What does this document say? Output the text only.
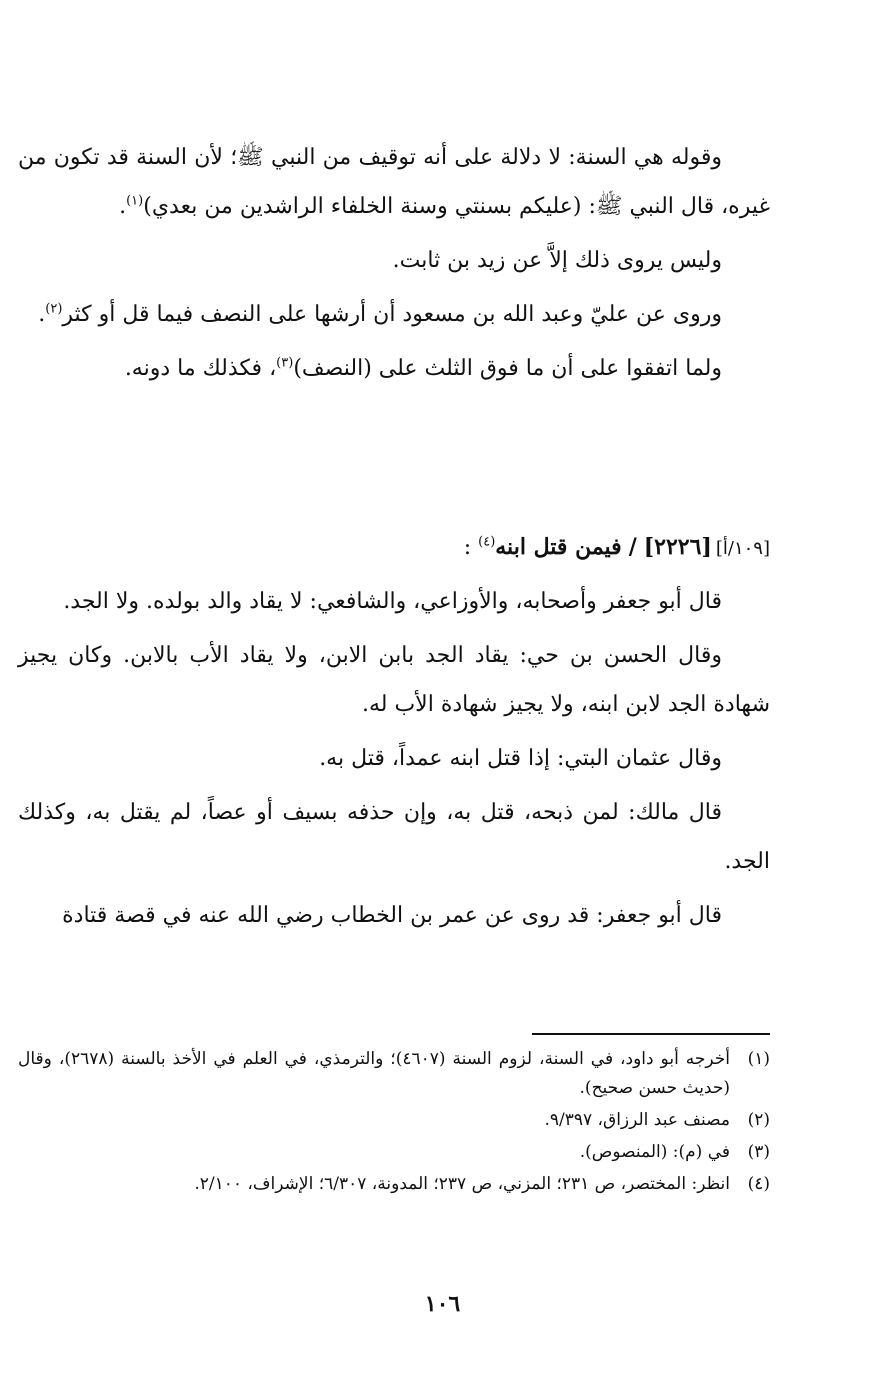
وقوله هي السنة: لا دلالة على أنه توقيف من النبي ﷺ؛ لأن السنة قد تكون من غيره، قال النبي ﷺ: (عليكم بسنتي وسنة الخلفاء الراشدين من بعدي)$^{(١)}$.

وليس يروى ذلك إلاَّ عن زيد بن ثابت.

وروى عن عليّ وعبد الله بن مسعود أن أرشها على النصف فيما قل أو كثر$^{(٢)}$.

ولما اتفقوا على أن ما فوق الثلث على (النصف)$^{(٣)}$، فكذلك ما دونه.

[١٠٩/أ][٢٢٢٦] / فيمن قتل ابنه$^{(٤)}$ :

قال أبو جعفر وأصحابه، والأوزاعي، والشافعي: لا يقاد والد بولده. ولا الجد.

وقال الحسن بن حي: يقاد الجد بابن الابن، ولا يقاد الأب بالابن. وكان يجيز شهادة الجد لابن ابنه، ولا يجيز شهادة الأب له.

وقال عثمان البتي: إذا قتل ابنه عمداً، قتل به.

قال مالك: لمن ذبحه، قتل به، وإن حذفه بسيف أو عصاً، لم يقتل به، وكذلك الجد.

قال أبو جعفر: قد روى عن عمر بن الخطاب رضي الله عنه في قصة قتادة

(١)
أخرجه أبو داود، في السنة، لزوم السنة (٤٦٠٧)؛ والترمذي، في العلم في الأخذ بالسنة (٢٦٧٨)، وقال (حديث حسن صحيح).
(٢)
مصنف عبد الرزاق، ٩/٣٩٧.
(٣)
في (م): (المنصوص).
(٤)
انظر: المختصر، ص ٢٣١؛ المزني، ص ٢٣٧؛ المدونة، ٦/٣٠٧؛ الإشراف، ٢/١٠٠.
١٠٦
